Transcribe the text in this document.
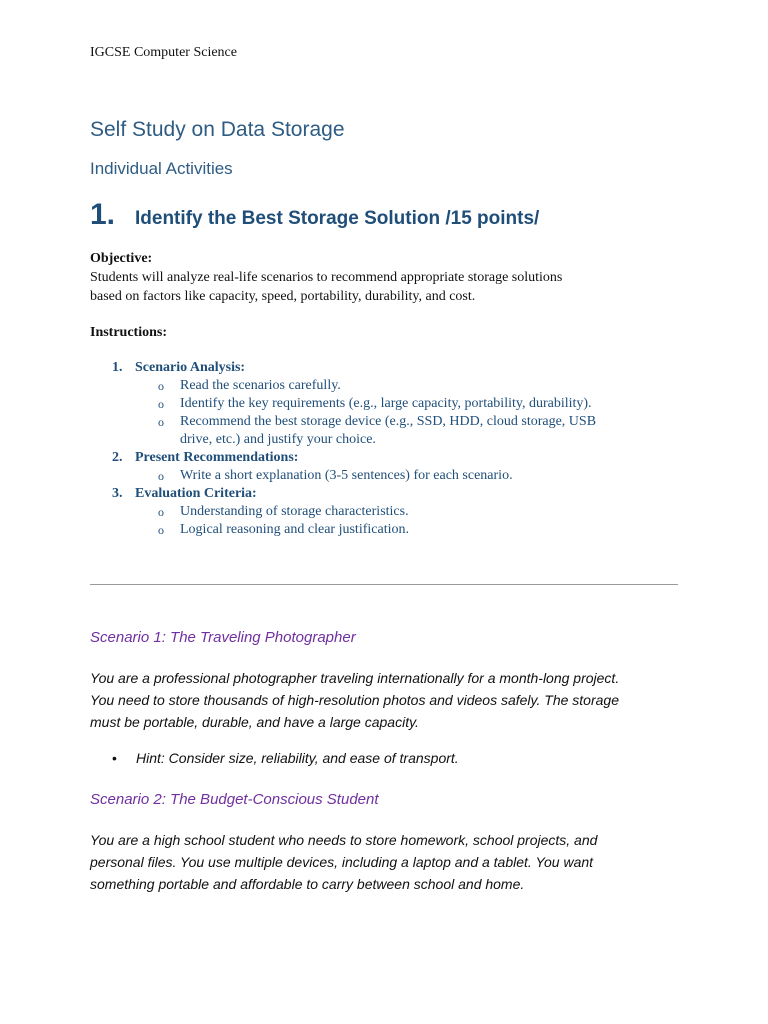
IGCSE Computer Science
Self Study on Data Storage
Individual Activities
1.	Identify the Best Storage Solution /15 points/
Objective:
Students will analyze real-life scenarios to recommend appropriate storage solutions
based on factors like capacity, speed, portability, durability, and cost.
Instructions:
1. Scenario Analysis:
o Read the scenarios carefully.
o Identify the key requirements (e.g., large capacity, portability, durability).
o Recommend the best storage device (e.g., SSD, HDD, cloud storage, USB
drive, etc.) and justify your choice.
2. Present Recommendations:
o Write a short explanation (3-5 sentences) for each scenario.
3. Evaluation Criteria:
o Understanding of storage characteristics.
o Logical reasoning and clear justification.
Scenario 1: The Traveling Photographer
You are a professional photographer traveling internationally for a month-long project.
You need to store thousands of high-resolution photos and videos safely. The storage
must be portable, durable, and have a large capacity.
• Hint: Consider size, reliability, and ease of transport.
Scenario 2: The Budget-Conscious Student
You are a high school student who needs to store homework, school projects, and
personal files. You use multiple devices, including a laptop and a tablet. You want
something portable and affordable to carry between school and home.
